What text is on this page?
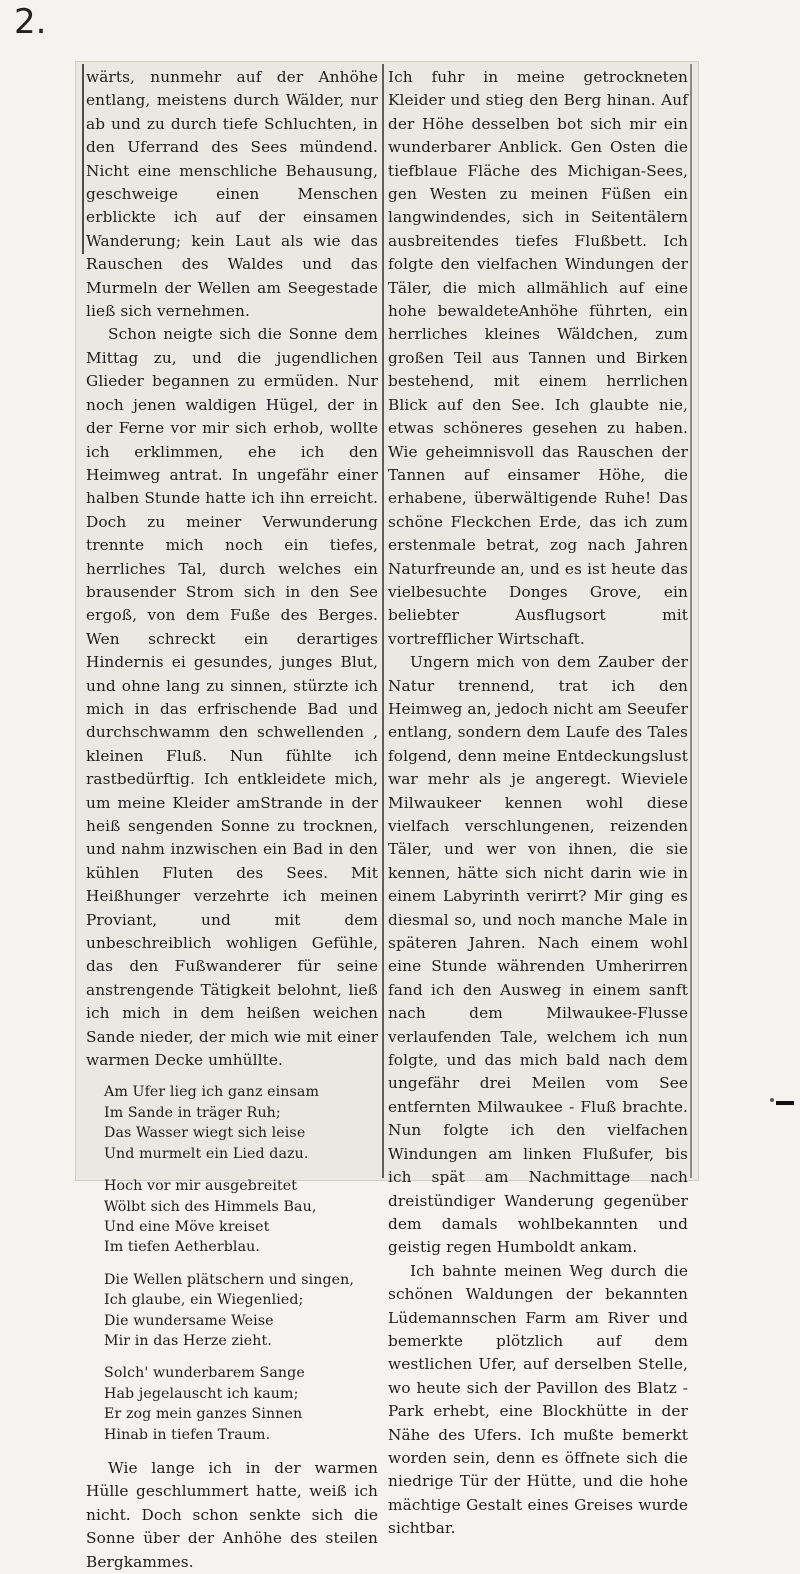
2.

wärts, nunmehr auf der Anhöhe entlang, meistens durch Wälder, nur ab und zu durch tiefe Schluchten, in den Uferrand des Sees mündend. Nicht eine menschliche Behausung, geschweige einen Menschen erblickte ich auf der einsamen Wanderung; kein Laut als wie das Rauschen des Waldes und das Murmeln der Wellen am Seegestade ließ sich vernehmen.

Schon neigte sich die Sonne dem Mittag zu, und die jugendlichen Glieder begannen zu ermüden. Nur noch jenen waldigen Hügel, der in der Ferne vor mir sich erhob, wollte ich erklimmen, ehe ich den Heimweg antrat. In ungefähr einer halben Stunde hatte ich ihn erreicht. Doch zu meiner Verwunderung trennte mich noch ein tiefes, herrliches Tal, durch welches ein brausender Strom sich in den See ergoß, von dem Fuße des Berges. Wen schreckt ein derartiges Hindernis ei gesundes, junges Blut, und ohne lang zu sinnen, stürzte ich mich in das erfrischende Bad und durchschwamm den schwellenden , kleinen Fluß. Nun fühlte ich rastbedürftig. Ich entkleidete mich, um meine Kleider amStrande in der heiß sengenden Sonne zu trocknen, und nahm inzwischen ein Bad in den kühlen Fluten des Sees. Mit Heißhunger verzehrte ich meinen Proviant, und mit dem unbeschreiblich wohligen Gefühle, das den Fußwanderer für seine anstrengende Tätigkeit belohnt, ließ ich mich in dem heißen weichen Sande nieder, der mich wie mit einer warmen Decke umhüllte.

Am Ufer lieg ich ganz einsam
Im Sande in träger Ruh;
Das Wasser wiegt sich leise
Und murmelt ein Lied dazu.
Hoch vor mir ausgebreitet
Wölbt sich des Himmels Bau,
Und eine Möve kreiset
Im tiefen Aetherblau.
Die Wellen plätschern und singen,
Ich glaube, ein Wiegenlied;
Die wundersame Weise
Mir in das Herze zieht.
Solch' wunderbarem Sange
Hab jegelauscht ich kaum;
Er zog mein ganzes Sinnen
Hinab in tiefen Traum.

Wie lange ich in der warmen Hülle geschlummert hatte, weiß ich nicht. Doch schon senkte sich die Sonne über der Anhöhe des steilen Bergkammes.

Ich fuhr in meine getrockneten Kleider und stieg den Berg hinan. Auf der Höhe desselben bot sich mir ein wunderbarer Anblick. Gen Osten die tiefblaue Fläche des Michigan-Sees, gen Westen zu meinen Füßen ein langwindendes, sich in Seitentälern ausbreitendes tiefes Flußbett. Ich folgte den vielfachen Windungen der Täler, die mich allmählich auf eine hohe bewaldeteAnhöhe führten, ein herrliches kleines Wäldchen, zum großen Teil aus Tannen und Birken bestehend, mit einem herrlichen Blick auf den See. Ich glaubte nie, etwas schöneres gesehen zu haben. Wie geheimnisvoll das Rauschen der Tannen auf einsamer Höhe, die erhabene, überwältigende Ruhe! Das schöne Fleckchen Erde, das ich zum erstenmale betrat, zog nach Jahren Naturfreunde an, und es ist heute das vielbesuchte Donges Grove, ein beliebter Ausflugsort mit vortrefflicher Wirtschaft.

Ungern mich von dem Zauber der Natur trennend, trat ich den Heimweg an, jedoch nicht am Seeufer entlang, sondern dem Laufe des Tales folgend, denn meine Entdeckungslust war mehr als je angeregt. Wieviele Milwaukeer kennen wohl diese vielfach verschlungenen, reizenden Täler, und wer von ihnen, die sie kennen, hätte sich nicht darin wie in einem Labyrinth verirrt? Mir ging es diesmal so, und noch manche Male in späteren Jahren. Nach einem wohl eine Stunde währenden Umherirren fand ich den Ausweg in einem sanft nach dem Milwaukee-Flusse verlaufenden Tale, welchem ich nun folgte, und das mich bald nach dem ungefähr drei Meilen vom See entfernten Milwaukee - Fluß brachte. Nun folgte ich den vielfachen Windungen am linken Flußufer, bis ich spät am Nachmittage nach dreistündiger Wanderung gegenüber dem damals wohlbekannten und geistig regen Humboldt ankam.

Ich bahnte meinen Weg durch die schönen Waldungen der bekannten Lüdemannschen Farm am River und bemerkte plötzlich auf dem westlichen Ufer, auf derselben Stelle, wo heute sich der Pavillon des Blatz - Park erhebt, eine Blockhütte in der Nähe des Ufers. Ich mußte bemerkt worden sein, denn es öffnete sich die niedrige Tür der Hütte, und die hohe mächtige Gestalt eines Greises wurde sichtbar.
